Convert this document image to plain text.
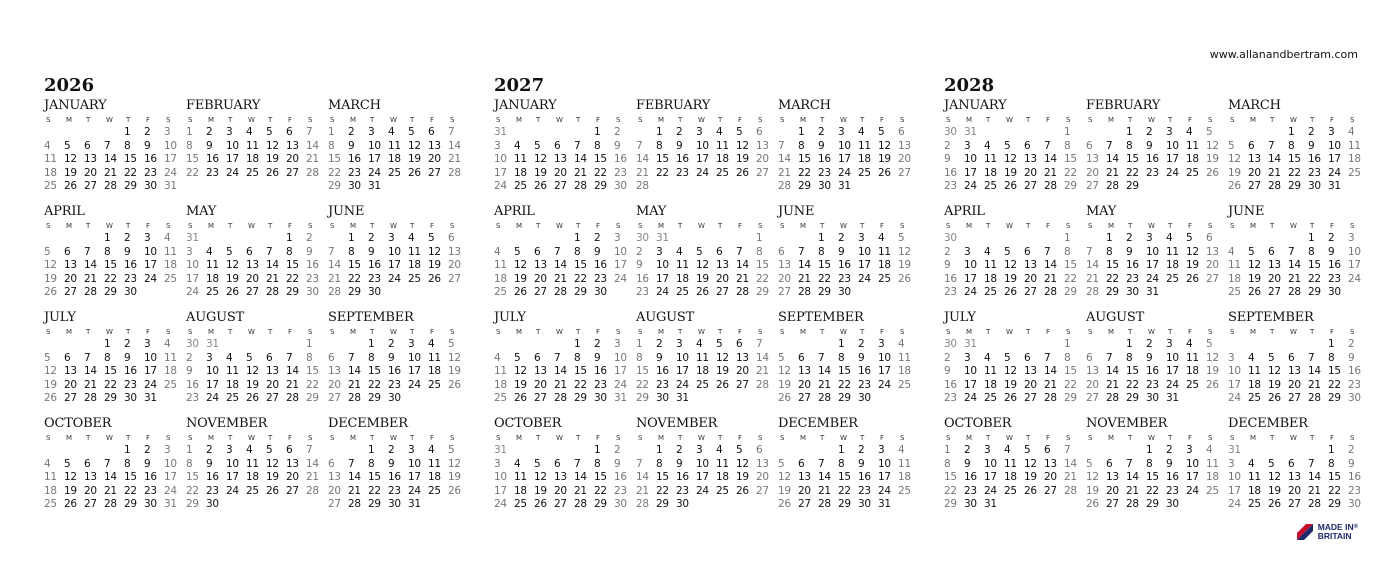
www.allanandbertram.com
2026
JANUARY
S	M	T	W	T	F	S
				1	2	3
4	5	6	7	8	9	10
11	12	13	14	15	16	17
18	19	20	21	22	23	24
25	26	27	28	29	30	31
FEBRUARY
S	M	T	W	T	F	S
1	2	3	4	5	6	7
8	9	10	11	12	13	14
15	16	17	18	19	20	21
22	23	24	25	26	27	28
MARCH
S	M	T	W	T	F	S
1	2	3	4	5	6	7
8	9	10	11	12	13	14
15	16	17	18	19	20	21
22	23	24	25	26	27	28
29	30	31				
APRIL
S	M	T	W	T	F	S
			1	2	3	4
5	6	7	8	9	10	11
12	13	14	15	16	17	18
19	20	21	22	23	24	25
26	27	28	29	30		
MAY
S	M	T	W	T	F	S
31					1	2
3	4	5	6	7	8	9
10	11	12	13	14	15	16
17	18	19	20	21	22	23
24	25	26	27	28	29	30
JUNE
S	M	T	W	T	F	S
	1	2	3	4	5	6
7	8	9	10	11	12	13
14	15	16	17	18	19	20
21	22	23	24	25	26	27
28	29	30				
JULY
S	M	T	W	T	F	S
			1	2	3	4
5	6	7	8	9	10	11
12	13	14	15	16	17	18
19	20	21	22	23	24	25
26	27	28	29	30	31	
AUGUST
S	M	T	W	T	F	S
30	31					1
2	3	4	5	6	7	8
9	10	11	12	13	14	15
16	17	18	19	20	21	22
23	24	25	26	27	28	29
SEPTEMBER
S	M	T	W	T	F	S
		1	2	3	4	5
6	7	8	9	10	11	12
13	14	15	16	17	18	19
20	21	22	23	24	25	26
27	28	29	30			
OCTOBER
S	M	T	W	T	F	S
				1	2	3
4	5	6	7	8	9	10
11	12	13	14	15	16	17
18	19	20	21	22	23	24
25	26	27	28	29	30	31
NOVEMBER
S	M	T	W	T	F	S
1	2	3	4	5	6	7
8	9	10	11	12	13	14
15	16	17	18	19	20	21
22	23	24	25	26	27	28
29	30					
DECEMBER
S	M	T	W	T	F	S
		1	2	3	4	5
6	7	8	9	10	11	12
13	14	15	16	17	18	19
20	21	22	23	24	25	26
27	28	29	30	31		
2027
JANUARY
S	M	T	W	T	F	S
31					1	2
3	4	5	6	7	8	9
10	11	12	13	14	15	16
17	18	19	20	21	22	23
24	25	26	27	28	29	30
FEBRUARY
S	M	T	W	T	F	S
	1	2	3	4	5	6
7	8	9	10	11	12	13
14	15	16	17	18	19	20
21	22	23	24	25	26	27
28						
MARCH
S	M	T	W	T	F	S
	1	2	3	4	5	6
7	8	9	10	11	12	13
14	15	16	17	18	19	20
21	22	23	24	25	26	27
28	29	30	31			
APRIL
S	M	T	W	T	F	S
				1	2	3
4	5	6	7	8	9	10
11	12	13	14	15	16	17
18	19	20	21	22	23	24
25	26	27	28	29	30	
MAY
S	M	T	W	T	F	S
30	31					1
2	3	4	5	6	7	8
9	10	11	12	13	14	15
16	17	18	19	20	21	22
23	24	25	26	27	28	29
JUNE
S	M	T	W	T	F	S
		1	2	3	4	5
6	7	8	9	10	11	12
13	14	15	16	17	18	19
20	21	22	23	24	25	26
27	28	29	30			
JULY
S	M	T	W	T	F	S
				1	2	3
4	5	6	7	8	9	10
11	12	13	14	15	16	17
18	19	20	21	22	23	24
25	26	27	28	29	30	31
AUGUST
S	M	T	W	T	F	S
1	2	3	4	5	6	7
8	9	10	11	12	13	14
15	16	17	18	19	20	21
22	23	24	25	26	27	28
29	30	31				
SEPTEMBER
S	M	T	W	T	F	S
			1	2	3	4
5	6	7	8	9	10	11
12	13	14	15	16	17	18
19	20	21	22	23	24	25
26	27	28	29	30		
OCTOBER
S	M	T	W	T	F	S
31					1	2
3	4	5	6	7	8	9
10	11	12	13	14	15	16
17	18	19	20	21	22	23
24	25	26	27	28	29	30
NOVEMBER
S	M	T	W	T	F	S
	1	2	3	4	5	6
7	8	9	10	11	12	13
14	15	16	17	18	19	20
21	22	23	24	25	26	27
28	29	30				
DECEMBER
S	M	T	W	T	F	S
			1	2	3	4
5	6	7	8	9	10	11
12	13	14	15	16	17	18
19	20	21	22	23	24	25
26	27	28	29	30	31	
2028
JANUARY
S	M	T	W	T	F	S
30	31					1
2	3	4	5	6	7	8
9	10	11	12	13	14	15
16	17	18	19	20	21	22
23	24	25	26	27	28	29
FEBRUARY
S	M	T	W	T	F	S
		1	2	3	4	5
6	7	8	9	10	11	12
13	14	15	16	17	18	19
20	21	22	23	24	25	26
27	28	29				
MARCH
S	M	T	W	T	F	S
			1	2	3	4
5	6	7	8	9	10	11
12	13	14	15	16	17	18
19	20	21	22	23	24	25
26	27	28	29	30	31	
APRIL
S	M	T	W	T	F	S
30						1
2	3	4	5	6	7	8
9	10	11	12	13	14	15
16	17	18	19	20	21	22
23	24	25	26	27	28	29
MAY
S	M	T	W	T	F	S
	1	2	3	4	5	6
7	8	9	10	11	12	13
14	15	16	17	18	19	20
21	22	23	24	25	26	27
28	29	30	31			
JUNE
S	M	T	W	T	F	S
				1	2	3
4	5	6	7	8	9	10
11	12	13	14	15	16	17
18	19	20	21	22	23	24
25	26	27	28	29	30	
JULY
S	M	T	W	T	F	S
30	31					1
2	3	4	5	6	7	8
9	10	11	12	13	14	15
16	17	18	19	20	21	22
23	24	25	26	27	28	29
AUGUST
S	M	T	W	T	F	S
		1	2	3	4	5
6	7	8	9	10	11	12
13	14	15	16	17	18	19
20	21	22	23	24	25	26
27	28	29	30	31		
SEPTEMBER
S	M	T	W	T	F	S
					1	2
3	4	5	6	7	8	9
10	11	12	13	14	15	16
17	18	19	20	21	22	23
24	25	26	27	28	29	30
OCTOBER
S	M	T	W	T	F	S
1	2	3	4	5	6	7
8	9	10	11	12	13	14
15	16	17	18	19	20	21
22	23	24	25	26	27	28
29	30	31				
NOVEMBER
S	M	T	W	T	F	S
			1	2	3	4
5	6	7	8	9	10	11
12	13	14	15	16	17	18
19	20	21	22	23	24	25
26	27	28	29	30		
DECEMBER
S	M	T	W	T	F	S
31					1	2
3	4	5	6	7	8	9
10	11	12	13	14	15	16
17	18	19	20	21	22	23
24	25	26	27	28	29	30
MADE IN®
BRITAIN
